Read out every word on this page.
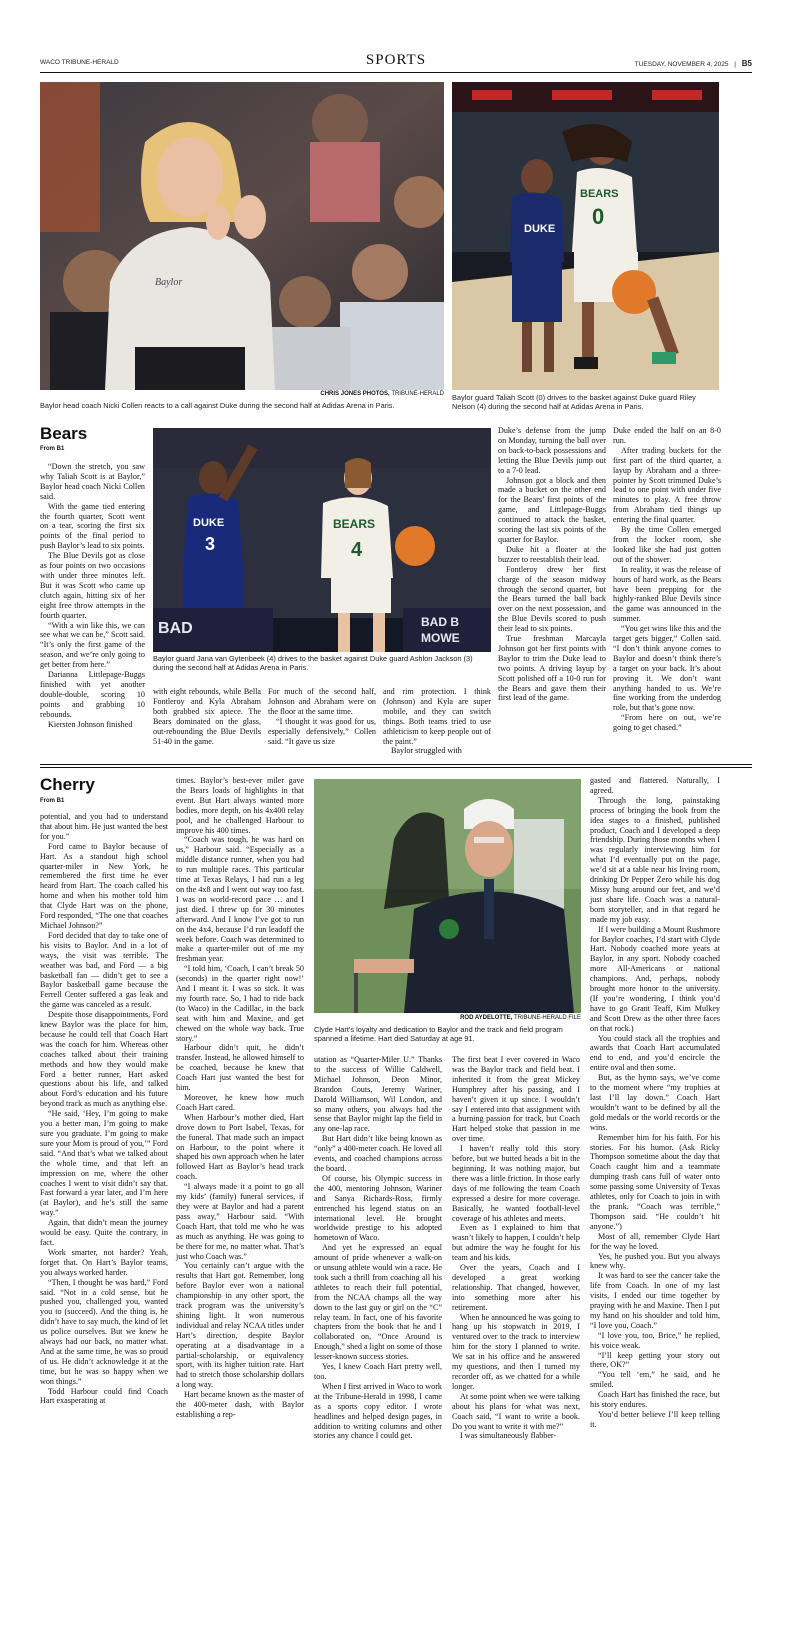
WACO TRIBUNE-HERALD	SPORTS	TUESDAY, NOVEMBER 4, 2025 | B5
Baylor
CHRIS JONES PHOTOS, TRIBUNE-HERALD
Baylor head coach Nicki Collen reacts to a call against Duke during the second half at Adidas Arena in Paris.
DUKE
BEARS
0
Baylor guard Taliah Scott (0) drives to the basket against Duke guard Riley Nelson (4) during the second half at Adidas Arena in Paris.
Bears
From B1
BAD	BAD B
MOWE
DUKE
3
BEARS
4
Baylor guard Jana van Gytenbeek (4) drives to the basket against Duke guard Ashlon Jackson (3) during the second half at Adidas Arena in Paris.

“Down the stretch, you saw why Taliah Scott is at Baylor,” Baylor head coach Nicki Collen said.

With the game tied entering the fourth quarter, Scott went on a tear, scoring the first six points of the final period to push Baylor’s lead to six points.

The Blue Devils got as close as four points on two occasions with under three minutes left. But it was Scott who came up clutch again, hitting six of her eight free throw attempts in the fourth quarter.

“With a win like this, we can see what we can be,” Scott said. “It’s only the first game of the season, and we’re only going to get better from here.”

Darianna Littlepage-Buggs finished with yet another double-double, scoring 10 points and grabbing 10 rebounds.

Kiersten Johnson finished

with eight rebounds, while Bella Fontleroy and Kyla Abraham both grabbed six apiece. The Bears dominated on the glass, out-rebounding the Blue Devils 51-40 in the game.

For much of the second half, Johnson and Abraham were on the floor at the same time.

“I thought it was good for us, especially defensively,” Collen said. “It gave us size

and rim protection. I think (Johnson) and Kyla are super mobile, and they can switch things. Both teams tried to use athleticism to keep people out of the paint.”

Baylor struggled with

Duke’s defense from the jump on Monday, turning the ball over on back-to-back possessions and letting the Blue Devils jump out to a 7-0 lead.

Johnson got a block and then made a bucket on the other end for the Bears’ first points of the game, and Littlepage-Buggs continued to attack the basket, scoring the last six points of the quarter for Baylor.

Duke hit a floater at the buzzer to reestablish their lead.

Fontleroy drew her first charge of the season midway through the second quarter, but the Bears turned the ball back over on the next possession, and the Blue Devils scored to push their lead to six points.

True freshman Marcayla Johnson got her first points with Baylor to trim the Duke lead to two points. A driving layup by Scott polished off a 10-0 run for the Bears and gave them their first lead of the game.

Duke ended the half on an 8-0 run.

After trading buckets for the first part of the third quarter, a layup by Abraham and a three-pointer by Scott trimmed Duke’s lead to one point with under five minutes to play. A free throw from Abraham tied things up entering the final quarter.

By the time Collen emerged from the locker room, she looked like she had just gotten out of the shower.

In reality, it was the release of hours of hard work, as the Bears have been prepping for the highly-ranked Blue Devils since the game was announced in the summer.

“You get wins like this and the target gets bigger,” Collen said. “I don’t think anyone comes to Baylor and doesn’t think there’s a target on your back. It’s about proving it. We don’t want anything handed to us. We’re fine working from the underdog role, but that’s gone now.

“From here on out, we’re going to get chased.”

Cherry
From B1
ROD AYDELOTTE, TRIBUNE-HERALD FILE
Clyde Hart's loyalty and dedication to Baylor and the track and field program spanned a lifetime. Hart died Saturday at age 91.

potential, and you had to understand that about him. He just wanted the best for you.”

Ford came to Baylor because of Hart. As a standout high school quarter-miler in New York, he remembered the first time he ever heard from Hart. The coach called his home and when his mother told him that Clyde Hart was on the phone, Ford responded, “The one that coaches Michael Johnson?”

Ford decided that day to take one of his visits to Baylor. And in a lot of ways, the visit was terrible. The weather was bad, and Ford — a big basketball fan — didn’t get to see a Baylor basketball game because the Ferrell Center suffered a gas leak and the game was canceled as a result.

Despite those disappointments, Ford knew Baylor was the place for him, because he could tell that Coach Hart was the coach for him. Whereas other coaches talked about their training methods and how they would make Ford a better runner, Hart asked questions about his life, and talked about Ford’s education and his future beyond track as much as anything else.

“He said, ‘Hey, I’m going to make you a better man, I’m going to make sure you graduate. I’m going to make sure your Mom is proud of you,’” Ford said. “And that’s what we talked about the whole time, and that left an impression on me, where the other coaches I went to visit didn’t say that. Fast forward a year later, and I’m here (at Baylor), and he’s still the same way.”

Again, that didn’t mean the journey would be easy. Quite the contrary, in fact.

Work smarter, not harder? Yeah, forget that. On Hart’s Baylor teams, you always worked harder.

“Then, I thought he was hard,” Ford said. “Not in a cold sense, but he pushed you, challenged you, wanted you to (succeed). And the thing is, he didn’t have to say much, the kind of let us police ourselves. But we knew he always had our back, no matter what. And at the same time, he was so proud of us. He didn’t acknowledge it at the time, but he was so happy when we won things.”

Todd Harbour could find Coach Hart exasperating at

times. Baylor’s best-ever miler gave the Bears loads of highlights in that event. But Hart always wanted more bodies, more depth, on his 4x400 relay pool, and he challenged Harbour to improve his 400 times.

“Coach was tough, he was hard on us,” Harbour said. “Especially as a middle distance runner, when you had to run multiple races. This particular time at Texas Relays, I had run a leg on the 4x8 and I went out way too fast. I was on world-record pace … and I just died. I threw up for 30 minutes afterward. And I know I’ve got to run on the 4x4, because I’d run leadoff the week before. Coach was determined to make a quarter-miler out of me my freshman year.

“I told him, ‘Coach, I can’t break 50 (seconds) in the quarter right now!’ And I meant it. I was so sick. It was my fourth race. So, I had to ride back (to Waco) in the Cadillac, in the back seat with him and Maxine, and get chewed on the whole way back. True story.”

Harbour didn’t quit, he didn’t transfer. Instead, he allowed himself to be coached, because he knew that Coach Hart just wanted the best for him.

Moreover, he knew how much Coach Hart cared.

When Harbour’s mother died, Hart drove down to Port Isabel, Texas, for the funeral. That made such an impact on Harbour, to the point where it shaped his own approach when he later followed Hart as Baylor’s head track coach.

“I always made it a point to go all my kids’ (family) funeral services, if they were at Baylor and had a parent pass away,” Harbour said. “With Coach Hart, that told me who he was as much as anything. He was going to be there for me, no matter what. That’s just who Coach was.”

You certainly can’t argue with the results that Hart got. Remember, long before Baylor ever won a national championship in any other sport, the track program was the university’s shining light. It won numerous individual and relay NCAA titles under Hart’s direction, despite Baylor operating at a disadvantage in a partial-scholarship, or equivalency sport, with its higher tuition rate. Hart had to stretch those scholarship dollars a long way.

Hart became known as the master of the 400-meter dash, with Baylor establishing a rep-

utation as “Quarter-Miler U.” Thanks to the success of Willie Caldwell, Michael Johnson, Deon Minor, Brandon Couts, Jeremy Wariner, Darold Williamson, Wil London, and so many others, you always had the sense that Baylor might lap the field in any one-lap race.

But Hart didn’t like being known as “only” a 400-meter coach. He loved all events, and coached champions across the board.

Of course, his Olympic success in the 400, mentoring Johnson, Wariner and Sanya Richards-Ross, firmly entrenched his legend status on an international level. He brought worldwide prestige to his adopted hometown of Waco.

And yet he expressed an equal amount of pride whenever a walk-on or unsung athlete would win a race. He took such a thrill from coaching all his athletes to reach their full potential, from the NCAA champs all the way down to the last guy or girl on the “C” relay team. In fact, one of his favorite chapters from the book that he and I collaborated on, “Once Around is Enough,” shed a light on some of those lesser-known success stories.

Yes, I knew Coach Hart pretty well, too.

When I first arrived in Waco to work at the Tribune-Herald in 1998, I came as a sports copy editor. I wrote headlines and helped design pages, in addition to writing columns and other stories any chance I could get.

The first beat I ever covered in Waco was the Baylor track and field beat. I inherited it from the great Mickey Humphrey after his passing, and I haven’t given it up since. I wouldn’t say I entered into that assignment with a burning passion for track, but Coach Hart helped stoke that passion in me over time.

I haven’t really told this story before, but we butted heads a bit in the beginning. It was nothing major, but there was a little friction. In those early days of me following the team Coach expressed a desire for more coverage. Basically, he wanted football-level coverage of his athletes and meets.

Even as I explained to him that wasn’t likely to happen, I couldn’t help but admire the way he fought for his team and his kids.

Over the years, Coach and I developed a great working relationship. That changed, however, into something more after his retirement.

When he announced he was going to hang up his stopwatch in 2019, I ventured over to the track to interview him for the story I planned to write. We sat in his office and he answered my questions, and then I turned my recorder off, as we chatted for a while longer.

At some point when we were talking about his plans for what was next, Coach said, “I want to write a book. Do you want to write it with me?”

I was simultaneously flabber-

gasted and flattered. Naturally, I agreed.

Through the long, painstaking process of bringing the book from the idea stages to a finished, published product, Coach and I developed a deep friendship. During those months when I was regularly interviewing him for what I’d eventually put on the page, we’d sit at a table near his living room, drinking Dr Pepper Zero while his dog Missy hung around our feet, and we’d just share life. Coach was a natural-born storyteller, and in that regard he made my job easy.

If I were building a Mount Rushmore for Baylor coaches, I’d start with Clyde Hart. Nobody coached more years at Baylor, in any sport. Nobody coached more All-Americans or national champions. And, perhaps, nobody brought more honor to the university. (If you’re wondering, I think you’d have to go Grant Teaff, Kim Mulkey and Scott Drew as the other three faces on that rock.)

You could stack all the trophies and awards that Coach Hart accumulated end to end, and you’d encircle the entire oval and then some.

But, as the hymn says, we’ve come to the moment where “my trophies at last I’ll lay down.” Coach Hart wouldn’t want to be defined by all the gold medals or the world records or the wins.

Remember him for his faith. For his stories. For his humor. (Ask Ricky Thompson sometime about the day that Coach caught him and a teammate dumping trash cans full of water onto some passing some University of Texas athletes, only for Coach to join in with the prank. “Coach was terrible,” Thompson said. “He couldn’t hit anyone.”)

Most of all, remember Clyde Hart for the way he loved.

Yes, he pushed you. But you always knew why.

It was hard to see the cancer take the life from Coach. In one of my last visits, I ended our time together by praying with he and Maxine. Then I put my hand on his shoulder and told him, “I love you, Coach.”

“I love you, too, Brice,” he replied, his voice weak.

“I’ll keep getting your story out there, OK?”

“You tell ‘em,” he said, and he smiled.

Coach Hart has finished the race, but his story endures.

You’d better believe I’ll keep telling it.
